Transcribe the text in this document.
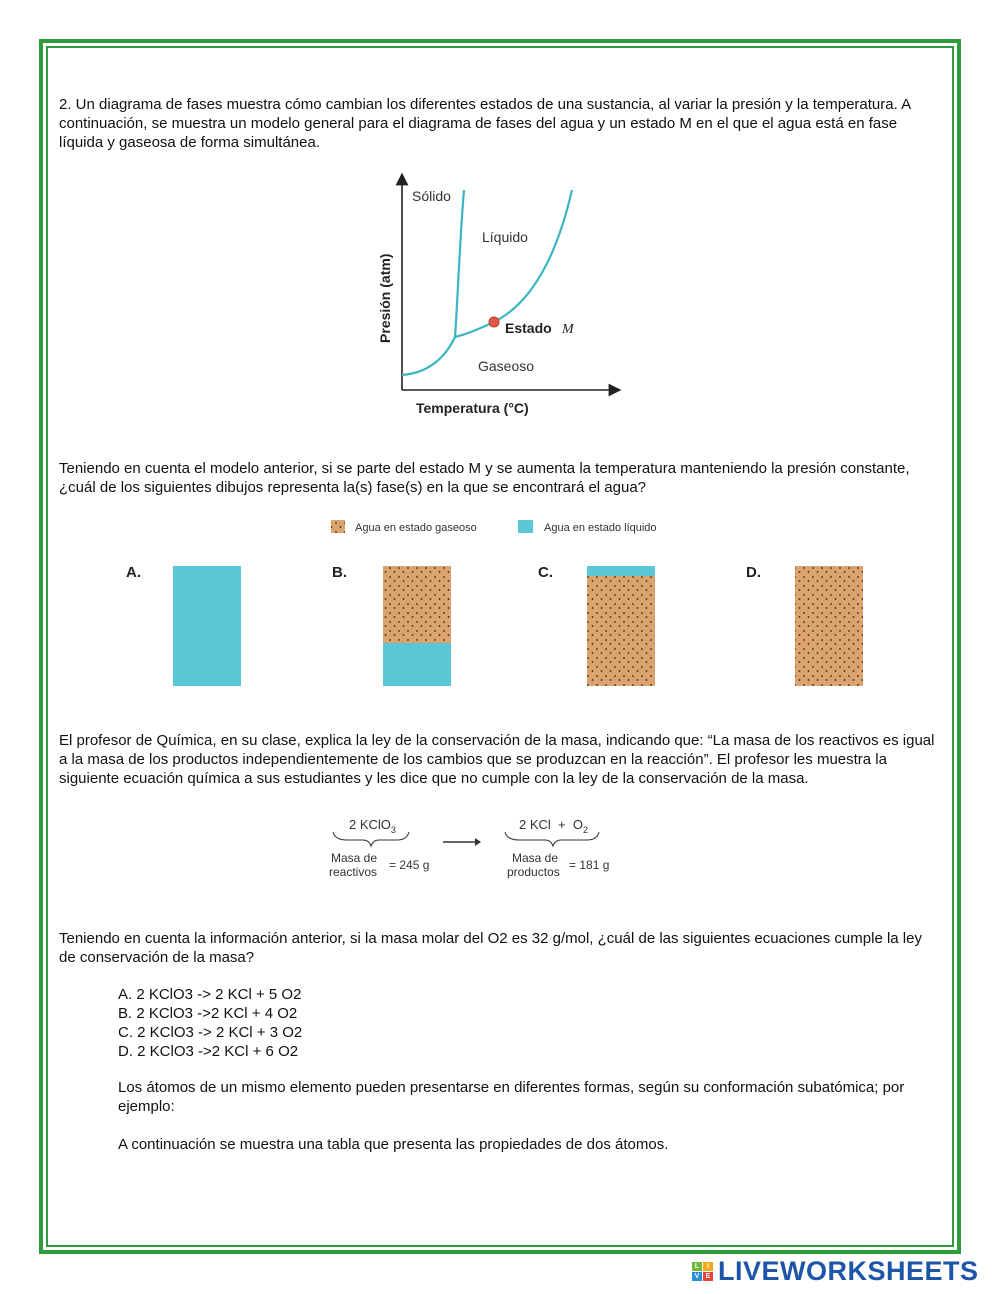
2. Un diagrama de fases muestra cómo cambian los diferentes estados de una sustancia, al variar la presión y la temperatura. A continuación, se muestra un modelo general para el diagrama de fases del agua y un estado M en el que el agua está en fase líquida y gaseosa de forma simultánea.

Sólido
Líquido
Gaseoso
Estado M
Presión (atm)
Temperatura (°C)

Teniendo en cuenta el modelo anterior, si se parte del estado M y se aumenta la temperatura manteniendo la presión constante, ¿cuál de los siguientes dibujos representa la(s) fase(s) en la que se encontrará el agua?

Agua en estado gaseoso	Agua en estado líquido
A.	B.	C.	D.

El profesor de Química, en su clase, explica la ley de la conservación de la masa, indicando que: “La masa de los reactivos es igual a la masa de los productos independientemente de los cambios que se produzcan en la reacción”. El profesor les muestra la siguiente ecuación química a sus estudiantes y les dice que no cumple con la ley de la conservación de la masa.

2 KClO$_3$
Masa de
reactivos = 245 g
2 KCl  +  $O_2$
Masa de
productos = 181 g

Teniendo en cuenta la información anterior, si la masa molar del O2 es 32 g/mol, ¿cuál de las siguientes ecuaciones cumple la ley de conservación de la masa?

A. 2 KClO3 -> 2 KCl + 5 O2
B. 2 KClO3 ->2 KCl + 4 O2
C. 2 KClO3 -> 2 KCl + 3 O2
D. 2 KClO3 ->2 KCl + 6 O2

Los átomos de un mismo elemento pueden presentarse en diferentes formas, según su conformación subatómica; por ejemplo:

A continuación se muestra una tabla que presenta las propiedades de dos átomos.

L	I
V E LIVEWORKSHEETS
